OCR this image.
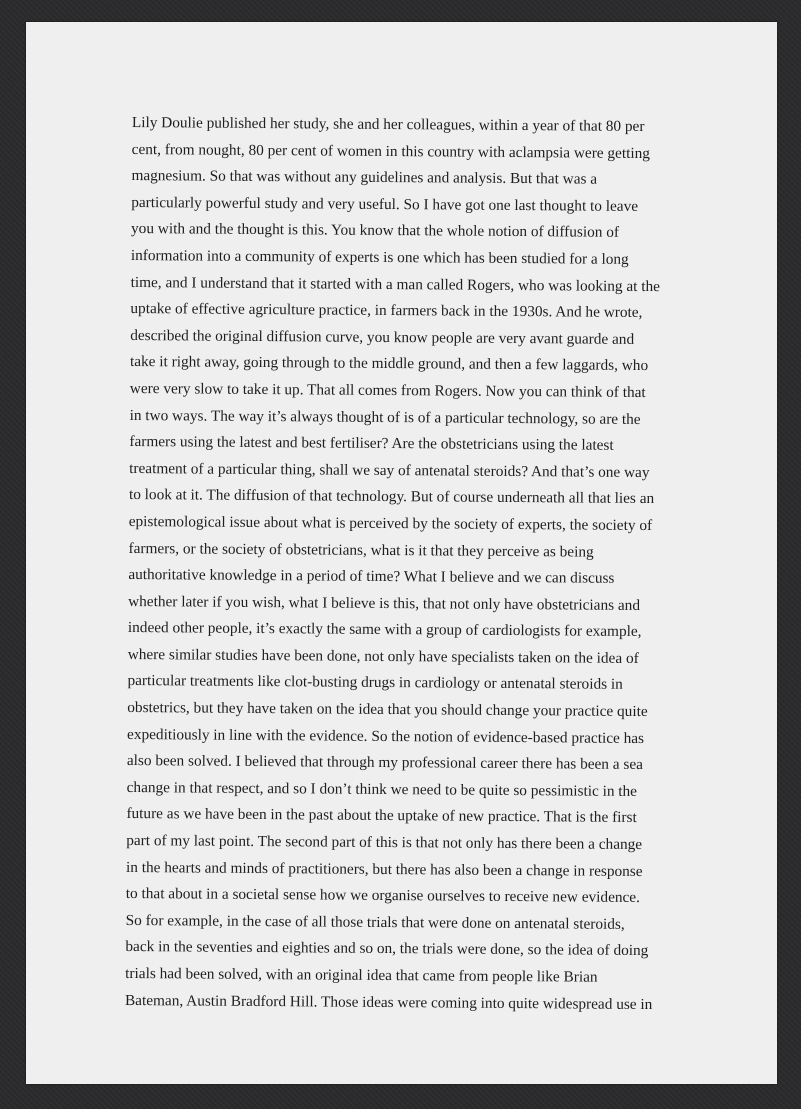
Lily Doulie published her study, she and her colleagues, within a year of that 80 per
cent, from nought, 80 per cent of women in this country with aclampsia were getting
magnesium. So that was without any guidelines and analysis. But that was a
particularly powerful study and very useful. So I have got one last thought to leave
you with and the thought is this. You know that the whole notion of diffusion of
information into a community of experts is one which has been studied for a long
time, and I understand that it started with a man called Rogers, who was looking at the
uptake of effective agriculture practice, in farmers back in the 1930s. And he wrote,
described the original diffusion curve, you know people are very avant guarde and
take it right away, going through to the middle ground, and then a few laggards, who
were very slow to take it up. That all comes from Rogers. Now you can think of that
in two ways. The way it’s always thought of is of a particular technology, so are the
farmers using the latest and best fertiliser? Are the obstetricians using the latest
treatment of a particular thing, shall we say of antenatal steroids? And that’s one way
to look at it. The diffusion of that technology. But of course underneath all that lies an
epistemological issue about what is perceived by the society of experts, the society of
farmers, or the society of obstetricians, what is it that they perceive as being
authoritative knowledge in a period of time? What I believe and we can discuss
whether later if you wish, what I believe is this, that not only have obstetricians and
indeed other people, it’s exactly the same with a group of cardiologists for example,
where similar studies have been done, not only have specialists taken on the idea of
particular treatments like clot-busting drugs in cardiology or antenatal steroids in
obstetrics, but they have taken on the idea that you should change your practice quite
expeditiously in line with the evidence. So the notion of evidence-based practice has
also been solved. I believed that through my professional career there has been a sea
change in that respect, and so I don’t think we need to be quite so pessimistic in the
future as we have been in the past about the uptake of new practice. That is the first
part of my last point. The second part of this is that not only has there been a change
in the hearts and minds of practitioners, but there has also been a change in response
to that about in a societal sense how we organise ourselves to receive new evidence.
So for example, in the case of all those trials that were done on antenatal steroids,
back in the seventies and eighties and so on, the trials were done, so the idea of doing
trials had been solved, with an original idea that came from people like Brian
Bateman, Austin Bradford Hill. Those ideas were coming into quite widespread use in
